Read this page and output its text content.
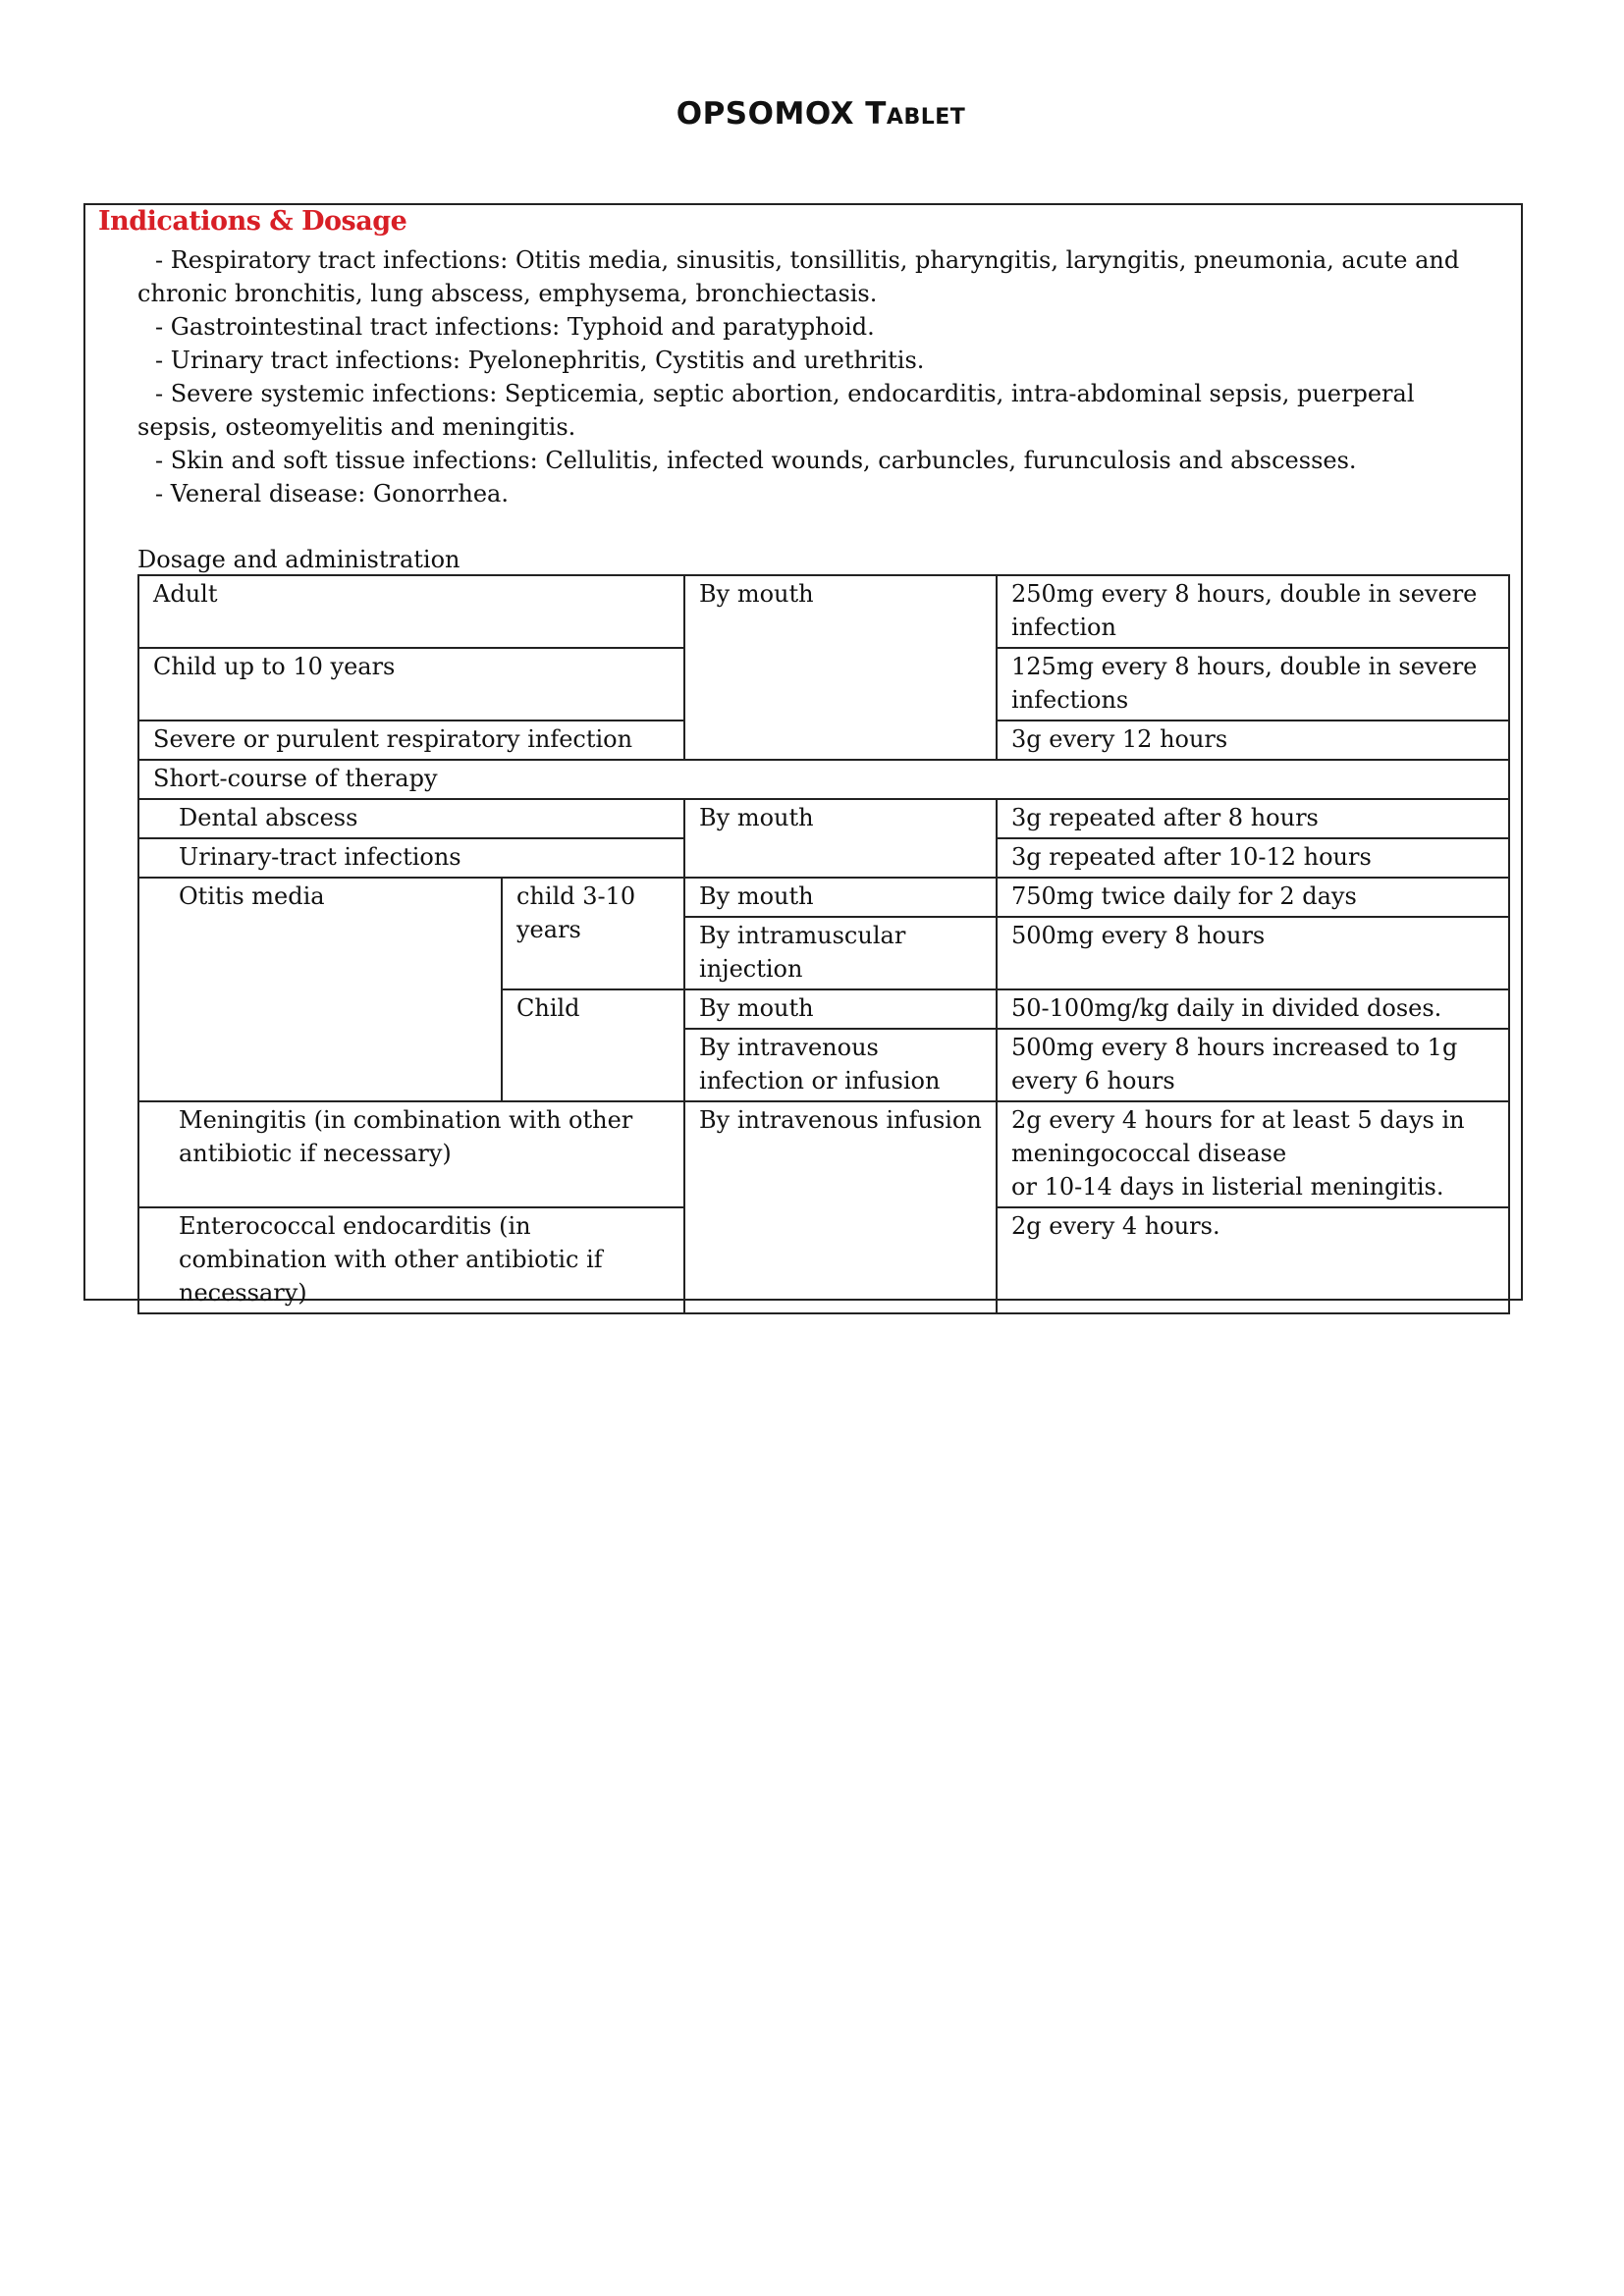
OPSOMOX Tablet
Indications & Dosage
- Respiratory tract infections: Otitis media, sinusitis, tonsillitis, pharyngitis, laryngitis, pneumonia, acute and chronic bronchitis, lung abscess, emphysema, bronchiectasis.
- Gastrointestinal tract infections: Typhoid and paratyphoid.
- Urinary tract infections: Pyelonephritis, Cystitis and urethritis.
- Severe systemic infections: Septicemia, septic abortion, endocarditis, intra-abdominal sepsis, puerperal sepsis, osteomyelitis and meningitis.
- Skin and soft tissue infections: Cellulitis, infected wounds, carbuncles, furunculosis and abscesses.
- Veneral disease: Gonorrhea.
Dosage and administration
Adult		By mouth	250mg every 8 hours, double in severe infection
Child up to 10 years			125mg every 8 hours, double in severe infections
Severe or purulent respiratory infection			3g every 12 hours
Short-course of therapy			
Dental abscess		By mouth	3g repeated after 8 hours
Urinary-tract infections			3g repeated after 10-12 hours
Otitis media	child 3-10 years	By mouth	750mg twice daily for 2 days
		By intramuscular injection	500mg every 8 hours
	Child	By mouth	50-100mg/kg daily in divided doses.
		By intravenous infection or infusion	500mg every 8 hours increased to 1g every 6 hours
Meningitis (in combination with other antibiotic if necessary)		By intravenous infusion	2g every 4 hours for at least 5 days in meningococcal disease
or 10-14 days in listerial meningitis.

Enterococcal endocarditis (in combination with other antibiotic if necessary)			2g every 4 hours.
